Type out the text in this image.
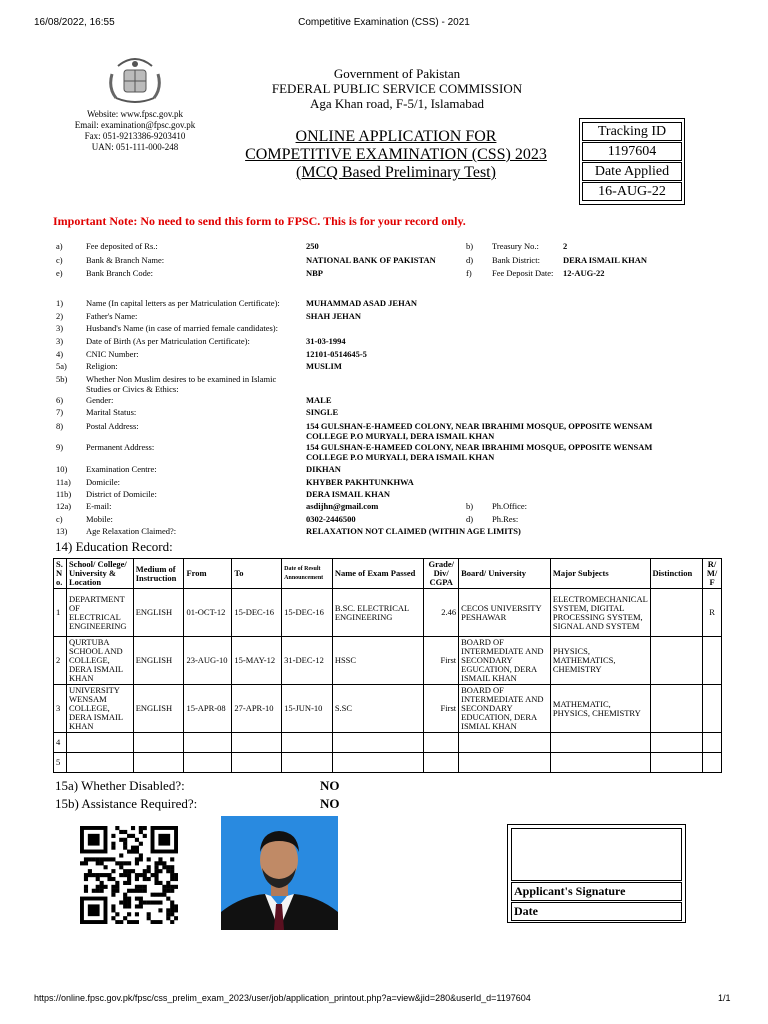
16/08/2022, 16:55	Competitive Examination (CSS) - 2021
Website: www.fpsc.gov.pk
Email: examination@fpsc.gov.pk
Fax: 051-9213386-9203410
UAN: 051-111-000-248
Government of Pakistan
FEDERAL PUBLIC SERVICE COMMISSION
Aga Khan road, F-5/1, Islamabad
ONLINE APPLICATION FOR
COMPETITIVE EXAMINATION (CSS) 2023
(MCQ Based Preliminary Test)
Tracking ID
1197604
Date Applied
16-AUG-22
Important Note: No need to send this form to FPSC. This is for your record only.
a)	Fee deposited of Rs.:	250	b) Treasury No.:	2
c)	Bank & Branch Name:	NATIONAL BANK OF PAKISTAN	d) Bank District:	DERA ISMAIL KHAN
e)	Bank Branch Code:	NBP	f) Fee Deposit Date: 12-AUG-22
1)	Name (In capital letters as per Matriculation Certificate):	MUHAMMAD ASAD JEHAN
2)	Father's Name:	SHAH JEHAN
3)	Husband's Name (in case of married female candidates):
3)	Date of Birth (As per Matriculation Certificate):	31-03-1994
4)	CNIC Number:	12101-0514645-5
5a) Religion:	MUSLIM
5b) Whether Non Muslim desires to be examined in Islamic Studies or Civics & Ethics:
6)	Gender:	MALE
7)	Marital Status:	SINGLE
8)	Postal Address:	154 GULSHAN-E-HAMEED COLONY, NEAR IBRAHIMI MOSQUE, OPPOSITE WENSAM COLLEGE P.O MURYALI, DERA ISMAIL KHAN
9)	Permanent Address:	154 GULSHAN-E-HAMEED COLONY, NEAR IBRAHIMI MOSQUE, OPPOSITE WENSAM COLLEGE P.O MURYALI, DERA ISMAIL KHAN
10) Examination Centre:	DIKHAN
11a) Domicile:	KHYBER PAKHTUNKHWA
11b) District of Domicile:	DERA ISMAIL KHAN
12a) E-mail:	asdijhn@gmail.com	b) Ph.Office:
c)	Mobile:	0302-2446500	d) Ph.Res:
13) Age Relaxation Claimed?:	RELAXATION NOT CLAIMED (WITHIN AGE LIMITS)
14) Education Record:
S. N o.	School/ College/ University & Location	Medium of Instruction	From	To	Date of Result Announcement	Name of Exam Passed	Grade/ Div/ CGPA	Board/ University	Major Subjects	Distinction	R/ M/ F
1	DEPARTMENT OF ELECTRICAL ENGINEERING	ENGLISH	01-OCT-12	15-DEC-16	15-DEC-16	B.SC. ELECTRICAL ENGINEERING	2.46	CECOS UNIVERSITY PESHAWAR	ELECTROMECHANICAL SYSTEM, DIGITAL PROCESSING SYSTEM, SIGNAL AND SYSTEM		R
2	QURTUBA SCHOOL AND COLLEGE, DERA ISMAIL KHAN	ENGLISH	23-AUG-10	15-MAY-12	31-DEC-12	HSSC	First	BOARD OF INTERMEDIATE AND SECONDARY EGUCATION, DERA ISMAIL KHAN	PHYSICS, MATHEMATICS, CHEMISTRY		
3	UNIVERSITY WENSAM COLLEGE, DERA ISMAIL KHAN	ENGLISH	15-APR-08	27-APR-10	15-JUN-10	S.SC	First	BOARD OF INTERMEDIATE AND SECONDARY EDUCATION, DERA ISMIAL KHAN	MATHEMATIC, PHYSICS, CHEMISTRY		
4											
5											
15a) Whether Disabled?:	NO
15b) Assistance Required?:	NO
Applicant's Signature
Date
https://online.fpsc.gov.pk/fpsc/css_prelim_exam_2023/user/job/application_printout.php?a=view&jid=280&userId_d=1197604	1/1
